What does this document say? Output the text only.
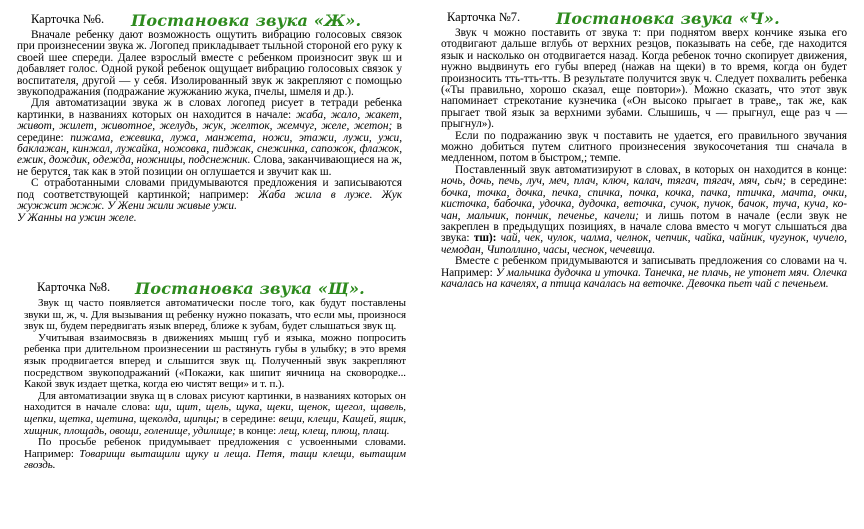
Карточка №6. Постановка звука «Ж».

Вначале ребенку дают возможность ощутить вибрацию голосовых связок при произнесении звука ж. Логопед прикладывает тыльной стороной его руку к своей шее спереди. Далее взрослый вместе с ребенком произносит звук ш и добавляет голос. Одной рукой ребенок ощущает вибрацию голосовых связок у воспитателя, другой — у себя. Изолированный звук ж закрепляют с помощью звукоподражания (подражание жужжанию жука, пчелы, шмеля и др.).

Для автоматизации звука ж в словах логопед рисует в тетради ребенка картинки, в названиях которых он находится в начале: жаба, жало, жакет, живот, жилет, животное, желудь, жук, желток, жемчуг, желе, жетон; в середине: пижама, ежевика, лужа, манжета, ножи, этажи, лужи, ужи, баклажан, кинжал, лужайка, ножовка, пиджак, снежинка, сапожок, флажок, ежик, дождик, одежда, ножницы, подснежник. Слова, заканчивающиеся на ж, не берутся, так как в этой позиции он оглушается и звучит как ш.

С отработанными словами придумываются предложения и записываются под соответствующей картинкой; например: Жаба жила в луже. Жук жужжит жжж. У Жени жили живые ужи.

У Жанны на ужин желе.

Карточка №7. Постановка звука «Ч».

Звук ч можно поставить от звука т: при поднятом вверх кончике языка его отодвигают дальше вглубь от верхних резцов, показывать на себе, где находится язык и насколько он отодвигается назад. Когда ребенок точно скопирует движения, нужно выдвинуть его губы вперед (нажав на щеки) в то время, когда он будет произносить тть-тть-тть. В результате получится звук ч. Следует похвалить ребенка («Ты правильно, хорошо сказал, еще повтори»). Можно сказать, что этот звук напоминает стрекотание кузнечика («Он высоко прыгает в траве,, так же, как прыгает твой язык за верхними зубами. Слышишь, ч — прыгнул, еще раз ч — прыгнул»).

Если по подражанию звук ч поставить не удается, его правильного звучания можно добиться путем слитного произнесения звукосочетания тш сначала в медленном, потом в быстром,; темпе.

Поставленный звук автоматизируют в словах, в которых он находится в конце: ночь, дочь, печь, луч, меч, плач, ключ, калач, тягач, тягач, мяч, сыч; в середине: бочка, точка, дочка, печка, спичка, почка, кочка, пачка, птичка, мачта, очки, кисточка, бабочка, удочка, дудочка, веточка, сучок, пучок, бачок, туча, куча, ко- чан, мальчик, пончик, печенье, качели; и лишь потом в начале (если звук не закреплен в предыдущих позициях, в начале слова вместо ч могут слышаться два звука: тш): чай, чек, чулок, чалма, челнок, чепчик, чайка, чайник, чугунок, чучело, чемодан, Чиполлино, часы, чеснок, чечевица.

Вместе с ребенком придумываются и записывать предложения со словами на ч. Например: У мальчика дудочка и уточка. Танечка, не плачь, не утонет мяч. Олечка качалась на качелях, а птица качалась на веточке. Девочка пьет чай с печеньем.

Карточка №8. Постановка звука «Щ».

Звук щ часто появляется автоматически после того, как будут поставлены звуки ш, ж, ч. Для вызывания щ ребенку нужно показать, что если мы, произнося звук ш, будем передвигать язык вперед, ближе к зубам, будет слышаться звук щ.

Учитывая взаимосвязь в движениях мышц губ и языка, можно попросить ребенка при длительном произнесении ш растянуть губы в улыбку; в это время язык продвигается вперед и слышится звук щ. Полученный звук закрепляют посредством звукоподражаний («Покажи, как шипит яичница на сковородке... Какой звук издает щетка, когда ею чистят вещи» и т. п.).

Для автоматизации звука щ в словах рисуют картинки, в названиях которых он находится в начале слова: щи, щит, щель, щука, щеки, щенок, щегол, щавель, щепки, щетка, щетина, щеколда, щипцы; в середине: вещи, клещи, Кащей, ящик, хищник, площадь, овощи, голенище, удилище; в конце: лещ, клещ, плющ, плащ.

По просьбе ребенок придумывает предложения с усвоенными словами. Например: Товарищи вытащили щуку и леща. Петя, тащи клещи, вытащим гвоздь.
